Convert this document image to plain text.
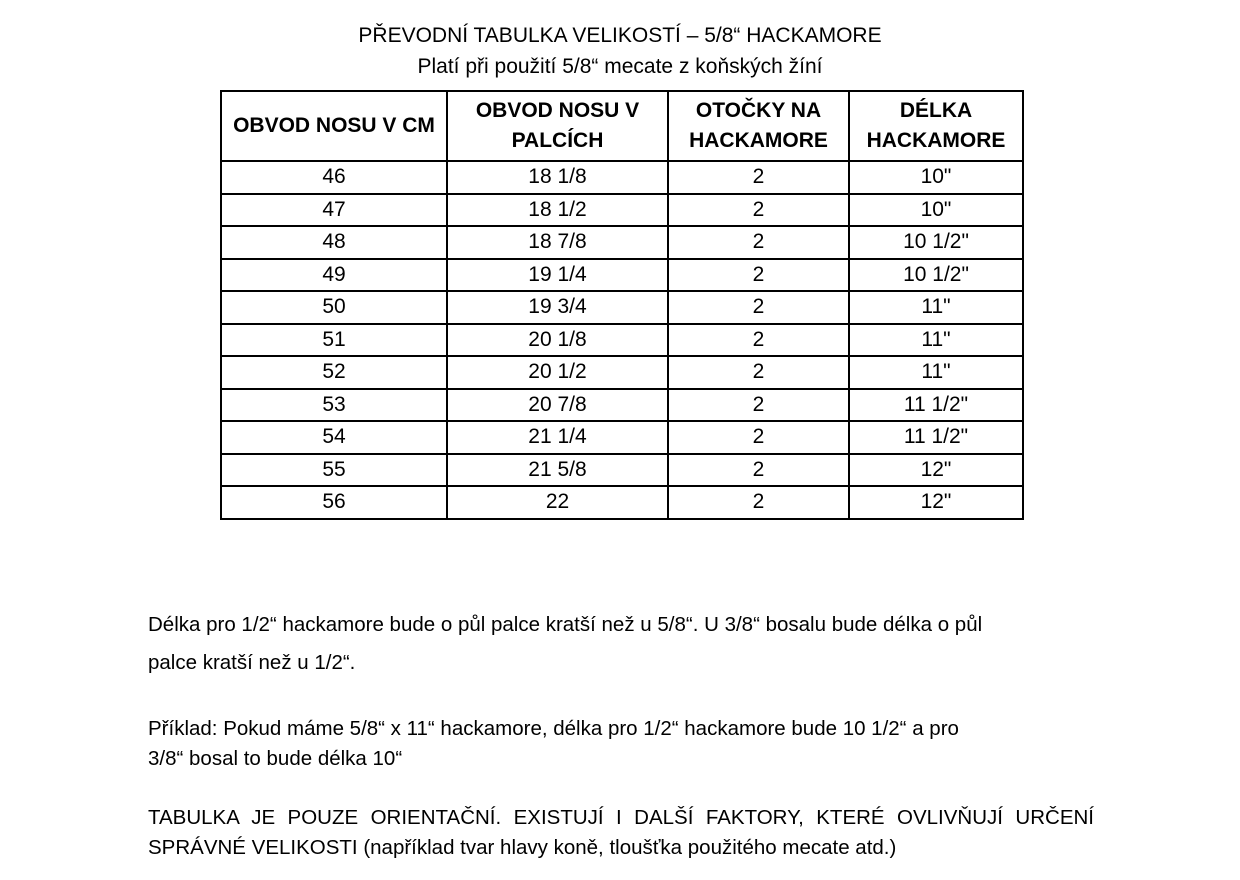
PŘEVODNÍ TABULKA VELIKOSTÍ – 5/8“ HACKAMORE
Platí při použití 5/8“ mecate z koňských žíní
OBVOD NOSU V CM	OBVOD NOSU V PALCÍCH	OTOČKY NA HACKAMORE	DÉLKA HACKAMORE
46	18 1/8	2	10"
47	18 1/2	2	10"
48	18 7/8	2	10 1/2"
49	19 1/4	2	10 1/2"
50	19 3/4	2	11"
51	20 1/8	2	11"
52	20 1/2	2	11"
53	20 7/8	2	11 1/2"
54	21 1/4	2	11 1/2"
55	21 5/8	2	12"
56	22	2	12"
Délka pro 1/2“ hackamore bude o půl palce kratší než u 5/8“. U 3/8“ bosalu bude délka o půl
palce kratší než u 1/2“.
Příklad: Pokud máme 5/8“ x 11“ hackamore, délka pro 1/2“ hackamore bude 10 1/2“ a pro
3/8“ bosal to bude délka 10“
TABULKA JE POUZE ORIENTAČNÍ. EXISTUJÍ I DALŠÍ FAKTORY, KTERÉ OVLIVŇUJÍ URČENÍ
SPRÁVNÉ VELIKOSTI (například tvar hlavy koně, tloušťka použitého mecate atd.)
